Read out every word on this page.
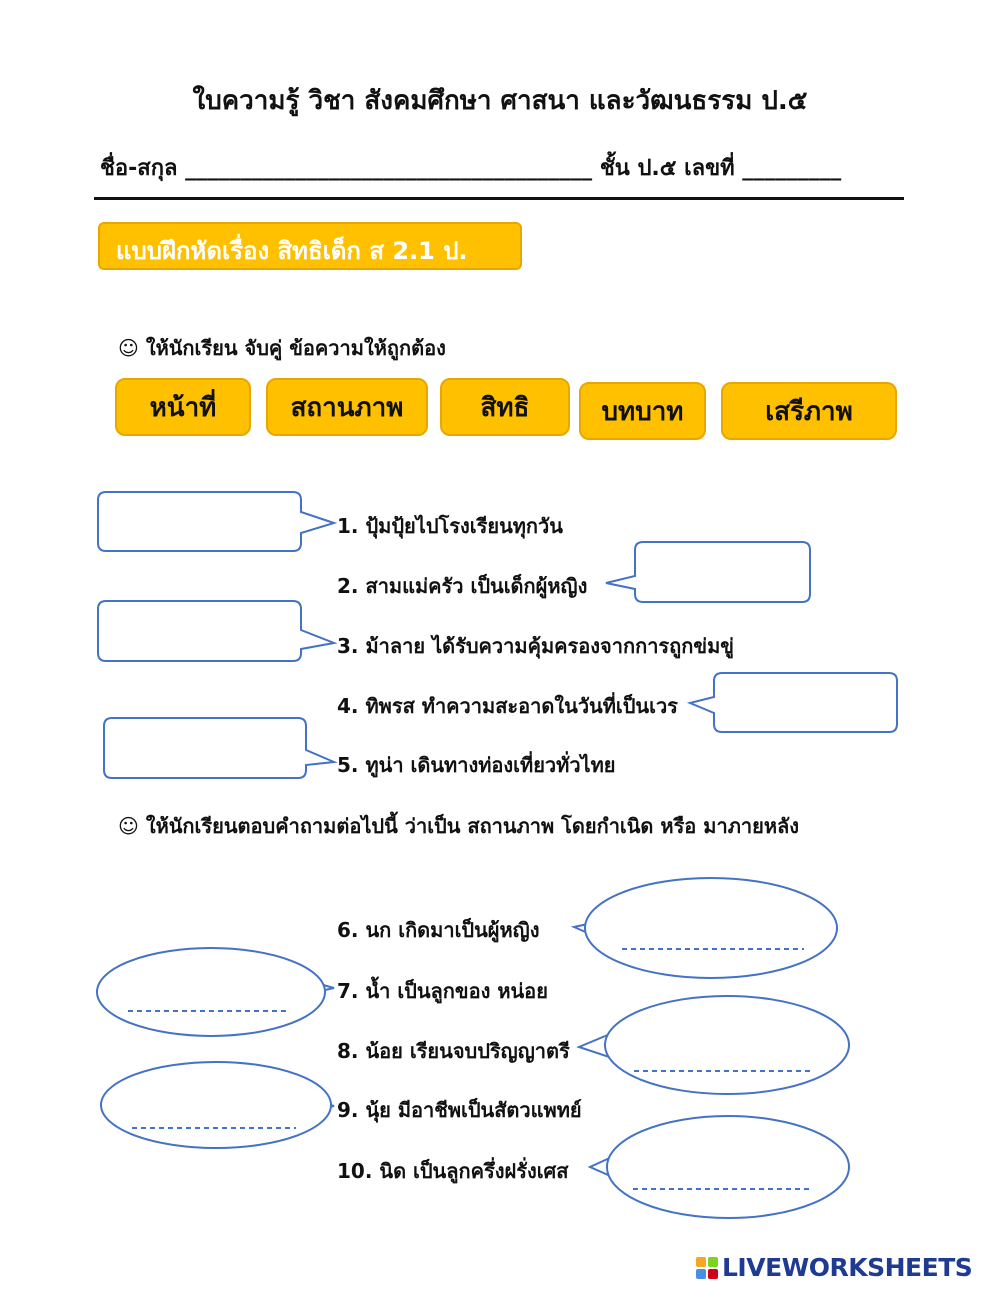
ใบความรู้ วิชา สังคมศึกษา ศาสนา และวัฒนธรรม ป.๕
ชื่อ-สกุล _____________________________________ ชั้น ป.๕ เลขที่ _________
แบบฝึกหัดเรื่อง สิทธิเด็ก ส 2.1 ป.
☺ ให้นักเรียน จับคู่ ข้อความให้ถูกต้อง
หน้าที่	สถานภาพ	สิทธิ	บทบาท	เสรีภาพ
1. ปุ้มปุ้ยไปโรงเรียนทุกวัน
2. สามแม่ครัว เป็นเด็กผู้หญิง
3. ม้าลาย ได้รับความคุ้มครองจากการถูกข่มขู่
4. ทิพรส ทำความสะอาดในวันที่เป็นเวร
5. ทูน่า เดินทางท่องเที่ยวทั่วไทย
☺ ให้นักเรียนตอบคำถามต่อไปนี้ ว่าเป็น สถานภาพ โดยกำเนิด หรือ มาภายหลัง
6. นก เกิดมาเป็นผู้หญิง
7. น้ำ เป็นลูกของ หน่อย
8. น้อย เรียนจบปริญญาตรี
9. นุ้ย มีอาชีพเป็นสัตวแพทย์
10. นิด เป็นลูกครึ่งฝรั่งเศส
LIVEWORKSHEETS
